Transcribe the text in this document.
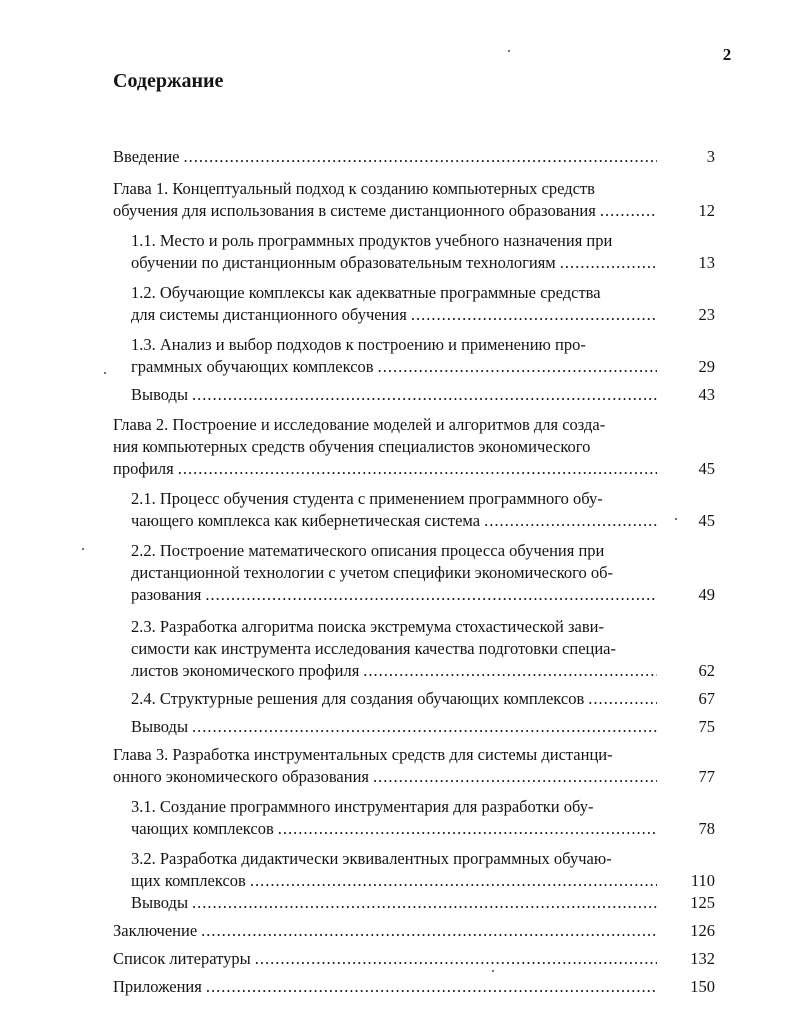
2
Содержание
Введение .....	3
Глава 1. Концептуальный подход к созданию компьютерных средств
обучения для использования в системе дистанционного образования .....	12
1.1. Место и роль программных продуктов учебного назначения при
обучении по дистанционным образовательным технологиям .....	13
1.2. Обучающие комплексы как адекватные программные средства
для системы дистанционного обучения .....	23
1.3. Анализ и выбор подходов к построению и применению про-
граммных обучающих комплексов .....	29
Выводы .....	43
Глава 2. Построение и исследование моделей и алгоритмов для созда-
ния компьютерных средств обучения специалистов экономического
профиля .....	45
2.1. Процесс обучения студента с применением программного обу-
чающего комплекса как кибернетическая система .....	45
2.2. Построение математического описания процесса обучения при
дистанционной технологии с учетом специфики экономического об-
разования .....	49
2.3. Разработка алгоритма поиска экстремума стохастической зави-
симости как инструмента исследования качества подготовки специа-
листов экономического профиля .....	62
2.4. Структурные решения для создания обучающих комплексов .....	67
Выводы .....	75
Глава 3. Разработка инструментальных средств для системы дистанци-
онного экономического образования .....	77
3.1. Создание программного инструментария для разработки обу-
чающих комплексов .....	78
3.2. Разработка дидактически эквивалентных программных обучаю-
щих комплексов .....	110
Выводы .....	125
Заключение .....	126
Список литературы .....	132
Приложения .....	150
